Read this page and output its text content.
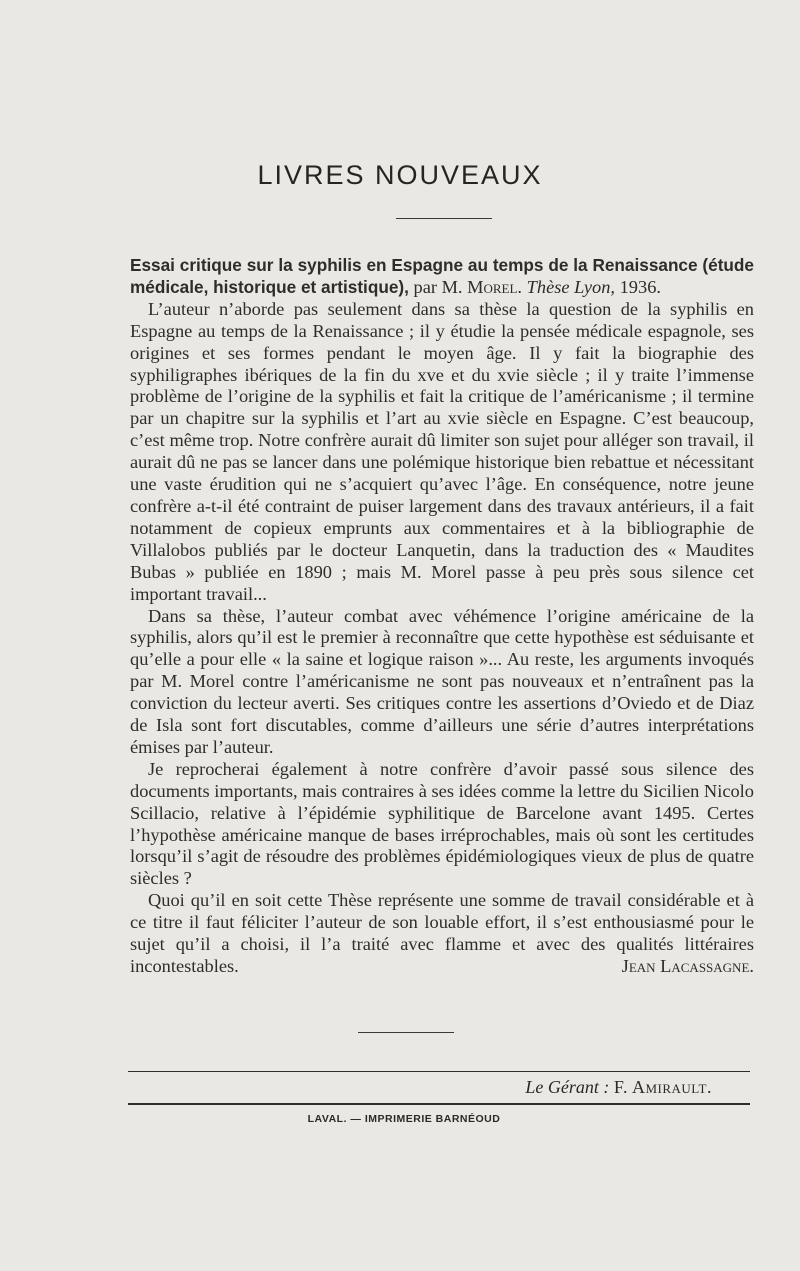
LIVRES NOUVEAUX

Essai critique sur la syphilis en Espagne au temps de la Renaissance (étude médicale, historique et artistique), par M. Morel. Thèse Lyon, 1936.

L’auteur n’aborde pas seulement dans sa thèse la question de la syphilis en Espagne au temps de la Renaissance ; il y étudie la pensée médicale espagnole, ses origines et ses formes pendant le moyen âge. Il y fait la biographie des syphiligraphes ibériques de la fin du xve et du xvie siècle ; il y traite l’immense problème de l’origine de la syphilis et fait la critique de l’américanisme ; il termine par un chapitre sur la syphilis et l’art au xvie siècle en Espagne. C’est beaucoup, c’est même trop. Notre confrère aurait dû limiter son sujet pour alléger son travail, il aurait dû ne pas se lancer dans une polémique historique bien rebattue et nécessitant une vaste érudition qui ne s’acquiert qu’avec l’âge. En conséquence, notre jeune confrère a-t-il été contraint de puiser largement dans des travaux antérieurs, il a fait notamment de copieux emprunts aux commentaires et à la bibliographie de Villalobos publiés par le docteur Lanquetin, dans la traduction des « Maudites Bubas » publiée en 1890 ; mais M. Morel passe à peu près sous silence cet important travail...

Dans sa thèse, l’auteur combat avec véhémence l’origine américaine de la syphilis, alors qu’il est le premier à reconnaître que cette hypothèse est séduisante et qu’elle a pour elle « la saine et logique raison »... Au reste, les arguments invoqués par M. Morel contre l’américanisme ne sont pas nouveaux et n’entraînent pas la conviction du lecteur averti. Ses critiques contre les assertions d’Oviedo et de Diaz de Isla sont fort discutables, comme d’ailleurs une série d’autres interprétations émises par l’auteur.

Je reprocherai également à notre confrère d’avoir passé sous silence des documents importants, mais contraires à ses idées comme la lettre du Sicilien Nicolo Scillacio, relative à l’épidémie syphilitique de Barcelone avant 1495. Certes l’hypothèse américaine manque de bases irréprochables, mais où sont les certitudes lorsqu’il s’agit de résoudre des problèmes épidémiologiques vieux de plus de quatre siècles ?

Quoi qu’il en soit cette Thèse représente une somme de travail considérable et à ce titre il faut féliciter l’auteur de son louable effort, il s’est enthousiasmé pour le sujet qu’il a choisi, il l’a traité avec flamme et avec des qualités littéraires incontestables.	Jean Lacassagne.

Le Gérant : F. Amirault.
LAVAL. — IMPRIMERIE BARNÉOUD
